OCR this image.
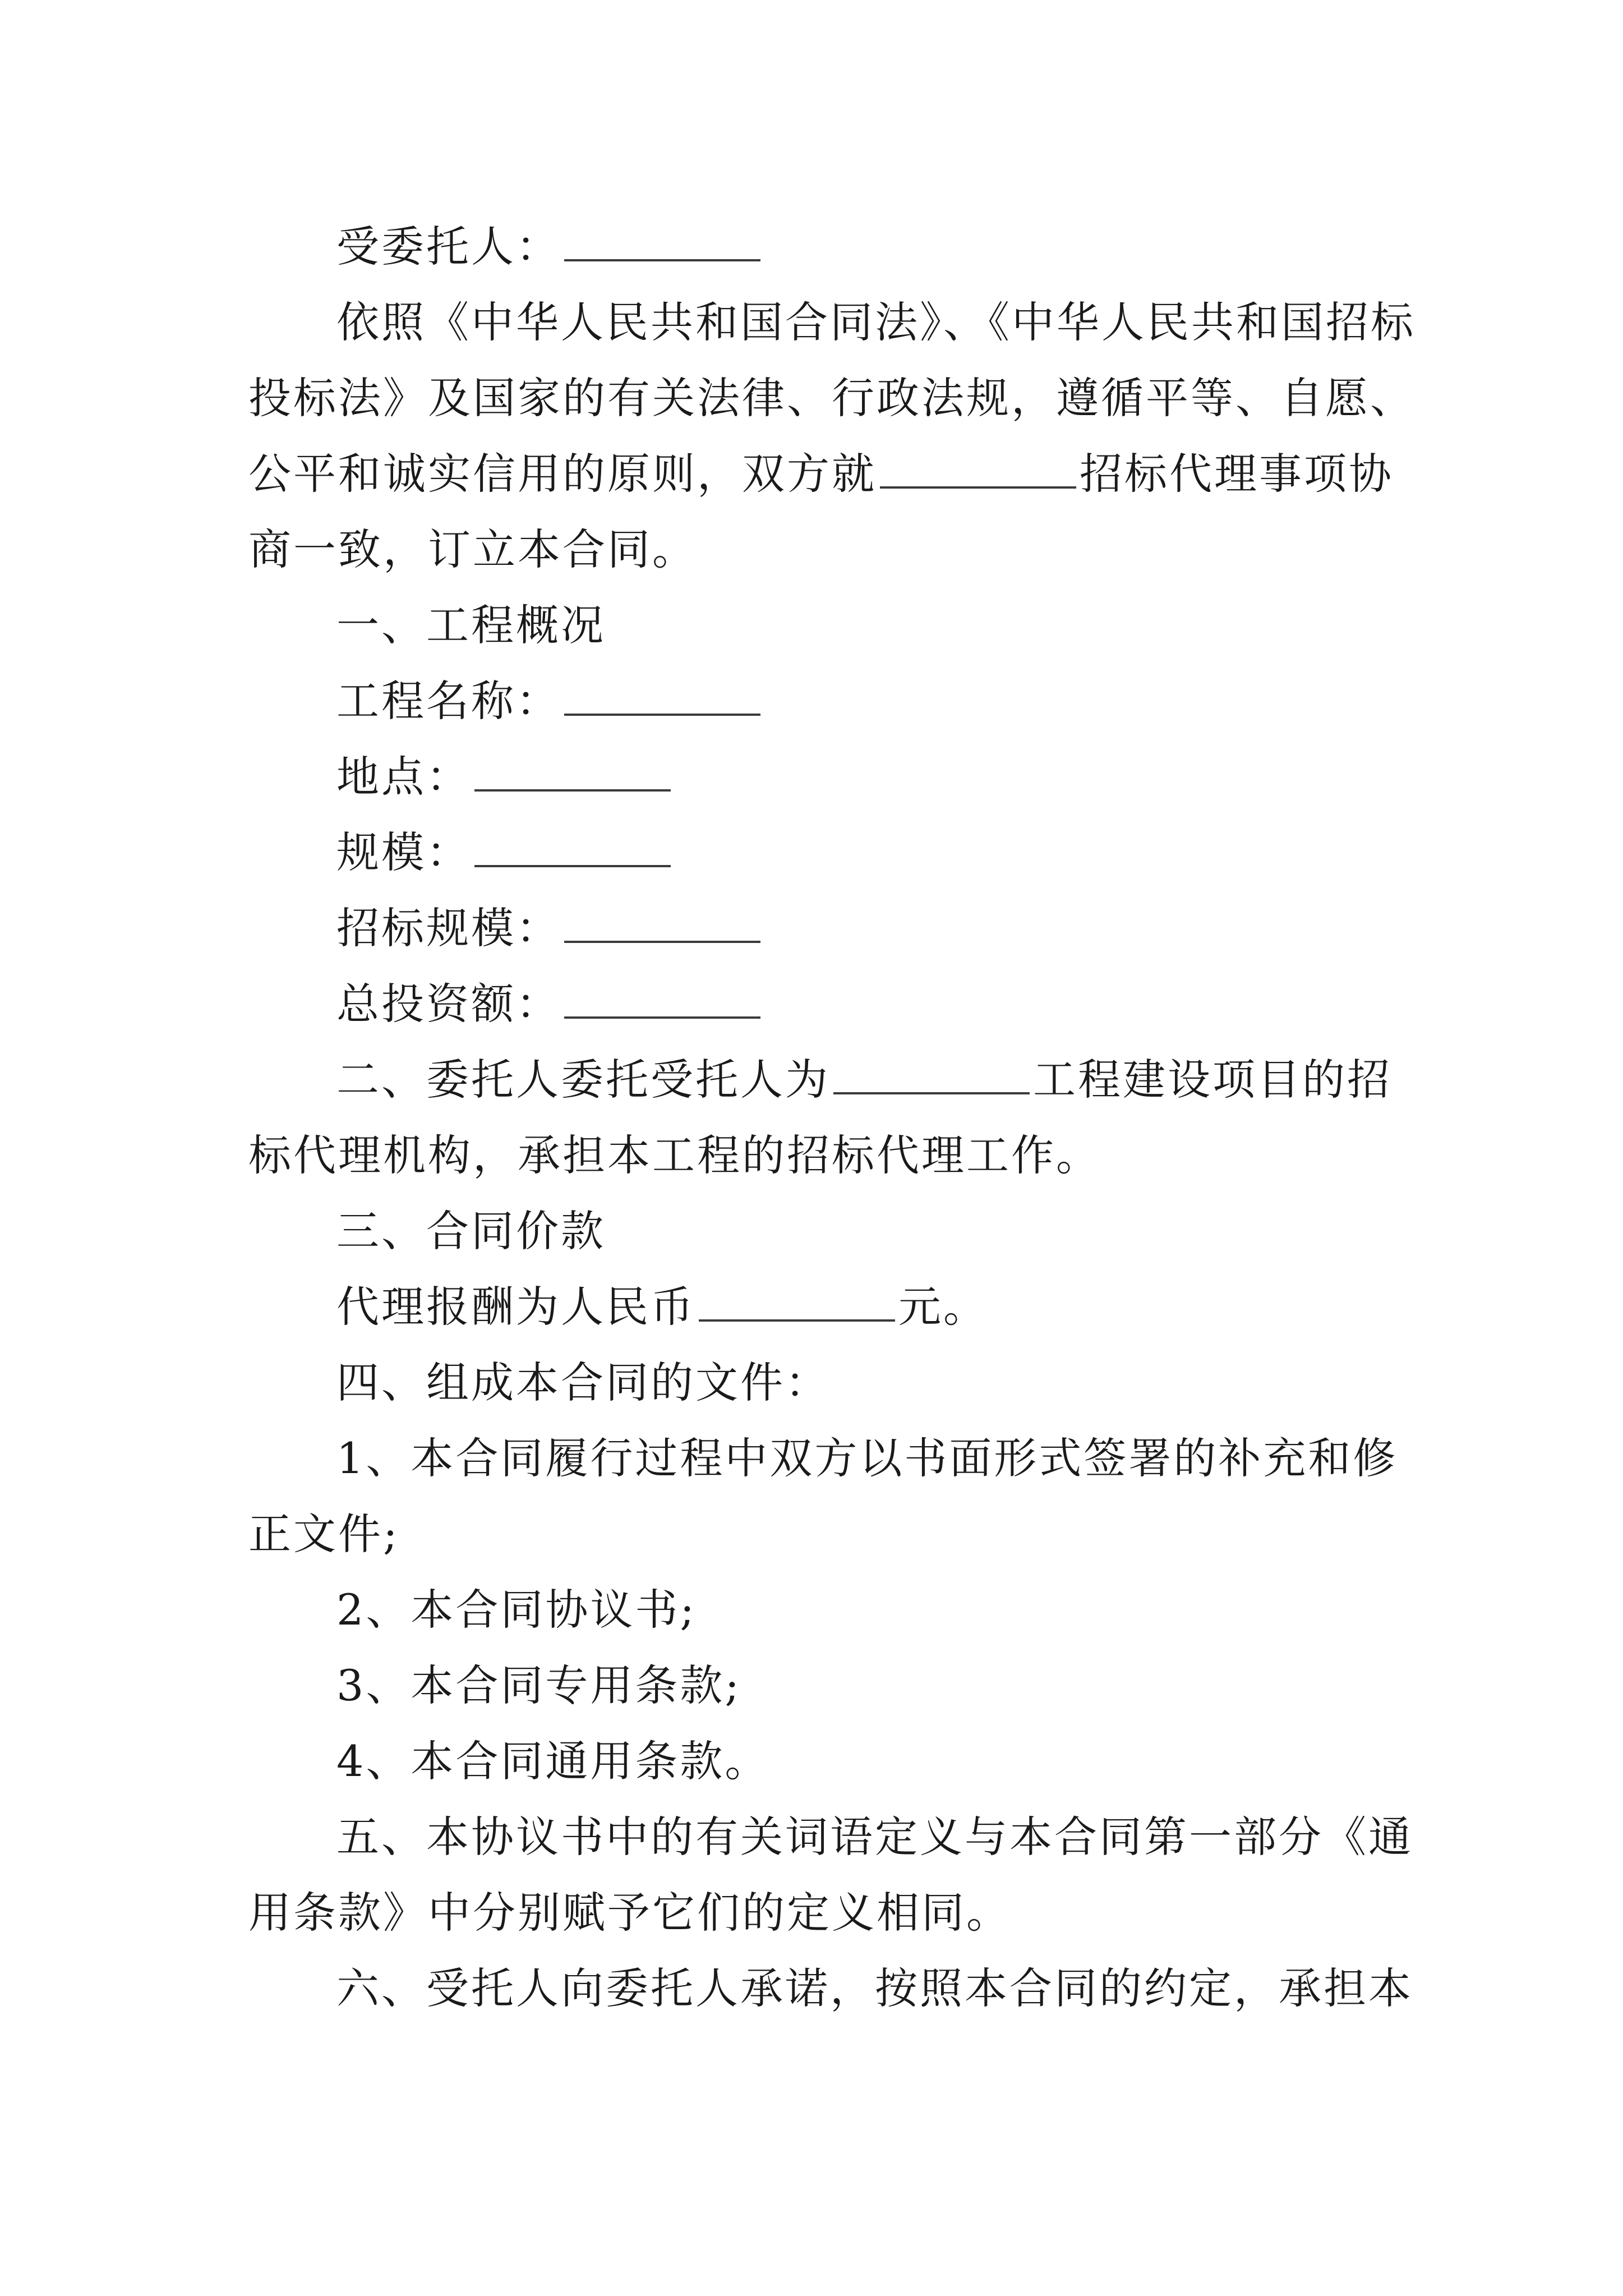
受委托人：
依照《中华人民共和国合同法》、《中华人民共和国招标
投标法》及国家的有关法律、行政法规，遵循平等、自愿、
公平和诚实信用的原则，双方就	招标代理事项协
商一致，订立本合同。
一、工程概况
工程名称：
地点：
规模：
招标规模：
总投资额：
二、委托人委托受托人为	工程建设项目的招
标代理机构，承担本工程的招标代理工作。
三、合同价款
代理报酬为人民币	元。
四、组成本合同的文件：
1、本合同履行过程中双方以书面形式签署的补充和修
正文件;
2、本合同协议书;
3、本合同专用条款;
4、本合同通用条款。
五、本协议书中的有关词语定义与本合同第一部分《通
用条款》中分别赋予它们的定义相同。
六、受托人向委托人承诺，按照本合同的约定，承担本
